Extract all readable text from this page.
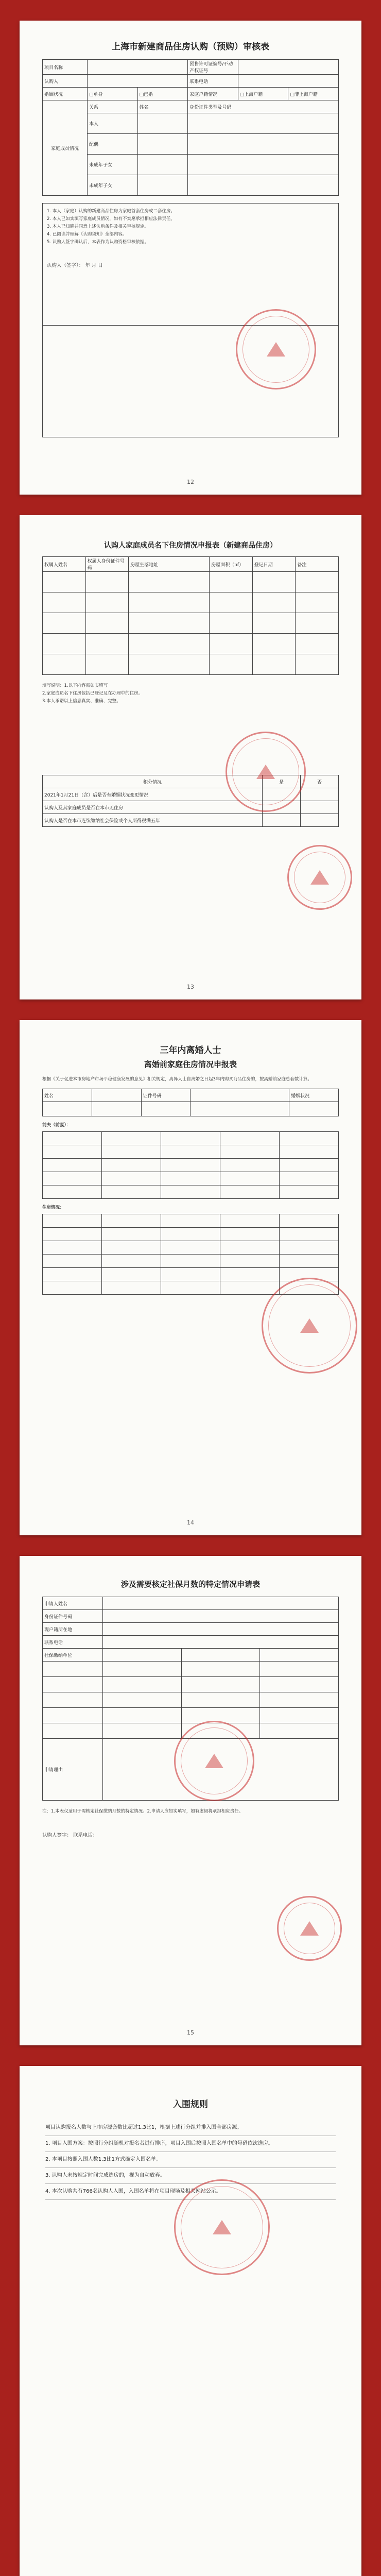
上海市新建商品住房认购（预购）审核表
项目名称			预售许可证编号/不动产权证号		
认购人			联系电话		
婚姻状况	□单身	□已婚	家庭户籍情况	□上海户籍	□非上海户籍
家庭成员情况	关系	姓名	身份证件类型及号码		
	本人				
	配偶				
	未成年子女				
	未成年子女				
1. 本人（家庭）认购的新建商品住房为家庭首套住房或二套住房。
2. 本人已如实填写家庭成员情况，如有不实愿承担相应法律责任。
3. 本人已知晓并同意上述认购条件及相关审核规定。
4. 已阅读并理解《认购须知》全部内容。
5. 认购人签字确认后，本表作为认购资格审核依据。
认购人（签字）： 年 月 日
12
认购人家庭成员名下住房情况申报表（新建商品住房）
权属人姓名	权属人身份证件号码	房屋坐落地址	房屋面积（㎡）	登记日期	备注

填写说明：1.以下内容需如实填写
2.家庭成员名下住房包括已登记及在办理中的住房。
3.本人承诺以上信息真实、准确、完整。
积分情况	是	否
2021年1月21日（含）后是否有婚姻状况变更情况		
认购人及其家庭成员是否在本市无住房		
认购人是否在本市连续缴纳社会保险或个人所得税满五年		
13
三年内离婚人士
离婚前家庭住房情况申报表

根据《关于促进本市房地产市场平稳健康发展的意见》相关规定，离异人士自离婚之日起3年内购买商品住房的，按离婚前家庭总套数计算。

姓名		证件号码		婚姻状况

前夫（前妻）：

住房情况：

14
涉及需要核定社保月数的特定情况申请表
申请人姓名			
身份证件号码			
现户籍所在地			
联系电话			
社保缴纳单位			

申请理由			

注：1.本表仅适用于需核定社保缴纳月数的特定情况。2.申请人应如实填写，如有虚假将承担相应责任。

认购人签字： 联系电话：
15
入围规则
项目认购报名人数与上市房源套数比超过1.3比1，根据上述行分组并排入围全部房源。
1. 项目入围方案：按照行分组随机对报名者进行排序，项目入围后按照入围名单中的号码依次选房。
2. 本项目按照入围人数1.3比1方式确定入围名单。
3. 认购人未按规定时间完成选房的，视为自动放弃。
4. 本次认购共有766名认购人入围，入围名单将在项目现场及相关网站公示。
